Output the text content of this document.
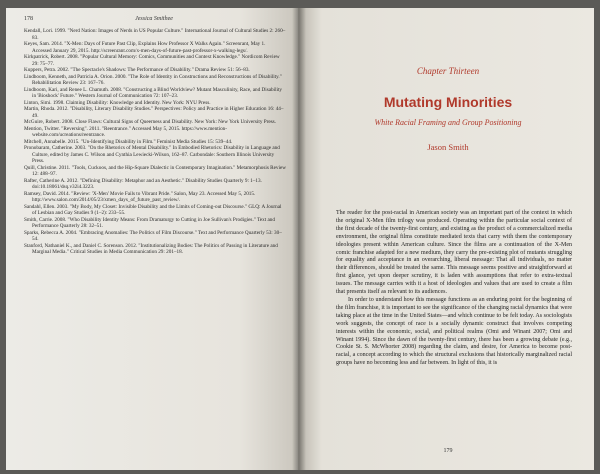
178	Jessica Smithee

Kendall, Lori. 1999. "Nerd Nation: Images of Nerds in US Popular Culture." International Journal of Cultural Studies 2: 260–83.

Keyes, Sam. 2014. "X-Men: Days of Future Past Clip, Explains How Professor X Walks Again." Screenrant, May 1. Accessed January 29, 2015. http://screenrant.com/x-men-days-of-future-past-professor-x-walking-legs/.

Kirkpatrick, Robert. 2008. "Popular Cultural Memory: Comics, Communities and Context Knowledge." Nordicom Review 29: 75–77.

Kuppers, Petra. 2002. "The Spectacle's Shadows: The Performance of Disability." Drama Review 51: 56–83.

Lindboom, Kenneth, and Patricia A. Orion. 2000. "The Role of Identity in Constructions and Reconstructions of Disability." Rehabilitation Review 23: 167–76.

Lindboom, Kari, and Renee L. Chamuth. 2008. "Constructing a Blind Worldview? Mutant Masculinity, Race, and Disability in 'Bioshock' Future." Western Journal of Communication 72: 107–23.

Linton, Simi. 1998. Claiming Disability: Knowledge and Identity. New York: NYU Press.

Martin, Rhoda. 2012. "Disability, Literary Disability Studies." Perspectives: Policy and Practice in Higher Education 16: 44–49.

McGuire, Robert. 2008. Close Flaws: Cultural Signs of Queerness and Disability. New York: New York University Press.

Mention, Twitter. "Reversing". 2011. "Reentrance." Accessed May 5, 2015. https://www.mention-website.com/ucreations/reentrance.

Mitchell, Annabelle. 2015. "Un-Identifying Disability in Film." Feminist Media Studies 15: 539–44.

Pronobaram, Catherine. 2003. "On the Rhetorics of Mental Disability." In Embodied Rhetorics: Disability in Language and Culture, edited by James C. Wilson and Cynthia Lewiecki-Wilson, 162–87. Carbondale: Southern Illinois University Press.

Quill, Christine. 2011. "Tools, Cuckoos, and the Hip-Square Dialectic in Contemporary Imagination." Metamorphosis Review 12: 488–97.

Rafter, Catherine A. 2012. "Defining Disability: Metaphor and an Aesthetic." Disability Studies Quarterly 9: 1–13. doi:10.18061/dsq.v32i4.3223.

Ramsey, David. 2014. "Review: 'X-Men' Movie Fails to Vibrant Pride." Salon, May 23. Accessed May 5, 2015. http://www.salon.com/2014/05/23/xmen_days_of_future_past_review/.

Sandahl, Ellen. 2003. "My Body, My Closet: Invisible Disability and the Limits of Coming-out Discourse." GLQ: A Journal of Lesbian and Gay Studies 9 (1–2): 233–55.

Smith, Carrie. 2008. "Who Disability Identity Means: From Dramaturgy to Cutting in Joe Sullivan's Prodigies." Text and Performance Quarterly 28: 32–51.

Sparks, Rebecca A. 2004. "Embracing Anomalies: The Politics of Film Discourse." Text and Performance Quarterly 53: 30–54.

Stanford, Nathaniel K., and Daniel C. Sorenson. 2012. "Institutionalizing Bodies: The Politics of Passing in Literature and Marginal Media." Critical Studies in Media Communication 29: 201–18.

Chapter Thirteen
Mutating Minorities
White Racial Framing and Group Positioning
Jason Smith

The reader for the post-racial in American society was an important part of the context in which the original X-Men film trilogy was produced. Operating within the particular social context of the first decade of the twenty-first century, and existing as the product of a commercialized media environment, the original films constitute mediated texts that carry with them the contemporary ideologies present within American culture. Since the films are a continuation of the X-Men comic franchise adapted for a new medium, they carry the pre-existing plot of mutants struggling for equality and acceptance in an overarching, liberal message: That all individuals, no matter their differences, should be treated the same. This message seems positive and straightforward at first glance, yet upon deeper scrutiny, it is laden with assumptions that refer to extra-textual issues. The message carries with it a host of ideologies and values that are used to create a film that presents itself as relevant to its audiences.

In order to understand how this message functions as an enduring point for the beginning of the film franchise, it is important to see the significance of the changing racial dynamics that were taking place at the time in the United States—and which continue to be felt today. As sociologists work suggests, the concept of race is a socially dynamic construct that involves competing interests within the economic, social, and political realms (Omi and Winant 2007; Omi and Winant 1994). Since the dawn of the twenty-first century, there has been a growing debate (e.g., Cookie St. S. McWhorter 2008) regarding the claim, and desire, for America to become post-racial, a concept according to which the structural exclusions that historically marginalized racial groups have no becoming less and far between. In light of this, it is

179
